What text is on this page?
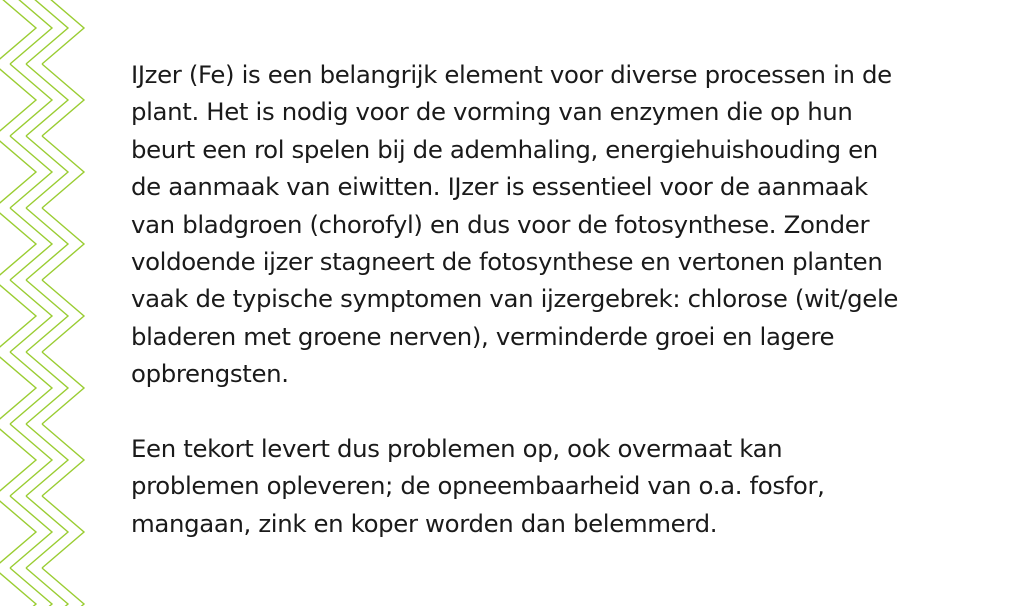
IJzer (Fe) is een belangrijk element voor diverse processen in de
plant. Het is nodig voor de vorming van enzymen die op hun
beurt een rol spelen bij de ademhaling, energiehuishouding en
de aanmaak van eiwitten. IJzer is essentieel voor de aanmaak
van bladgroen (chorofyl) en dus voor de fotosynthese. Zonder
voldoende ijzer stagneert de fotosynthese en vertonen planten
vaak de typische symptomen van ijzergebrek: chlorose (wit/gele
bladeren met groene nerven), verminderde groei en lagere
opbrengsten.

Een tekort levert dus problemen op, ook overmaat kan
problemen opleveren; de opneembaarheid van o.a. fosfor,
mangaan, zink en koper worden dan belemmerd.
